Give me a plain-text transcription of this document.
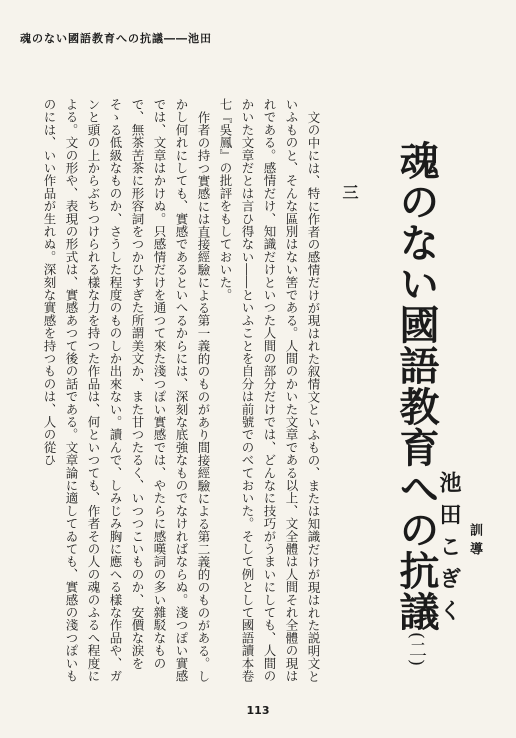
魂のない國語教育への抗議――池田

文の中には、特に作者の感情だけが現はれた叙情文といふもの、または知識だけが現はれた説明文といふものと、そんな區別はない筈である。人間のかいた文章である以上、文全體は人間それ全體の現はれである。感情だけ、知識だけといつた人間の部分だけでは、どんなに技巧がうまいにしても、人間のかいた文章だとは言ひ得ない――といふことを自分は前號でのべておいた。そして例として國語讀本卷七『吳鳳』の批評をもしておいた。

作者の持つ實感には直接經驗による第一義的のものがあり間接經驗による第二義的のものがある。しかし何れにしても、實感であるといへるからには、深刻な底強なものでなければならぬ。淺つぽい實感では、文章はかけぬ。只感情だけを通つて來た淺つぽい實感では、やたらに感嘆詞の多い雜駁なもので、無茶苦茶に形容詞をつかひすぎた所謂美文か、また甘つたるく、いつつこいものか、安價な涙をそゝる低級なものか、さうした程度のものしか出來ない。讀んで、しみじみ胸に應へる樣な作品や、ガンと頭の上からぶちつけられる樣な力を持つた作品は、何といつても、作者その人の魂のふるへ程度による。文の形や、表現の形式は、實感あつて後の話である。文章論に適してゐても、實感の淺つぽいものには、いい作品が生れぬ。深刻な實感を持つものは、人の從ひ	三 魂のない國語教育への抗議(二)
訓導
池田こぎく
113
